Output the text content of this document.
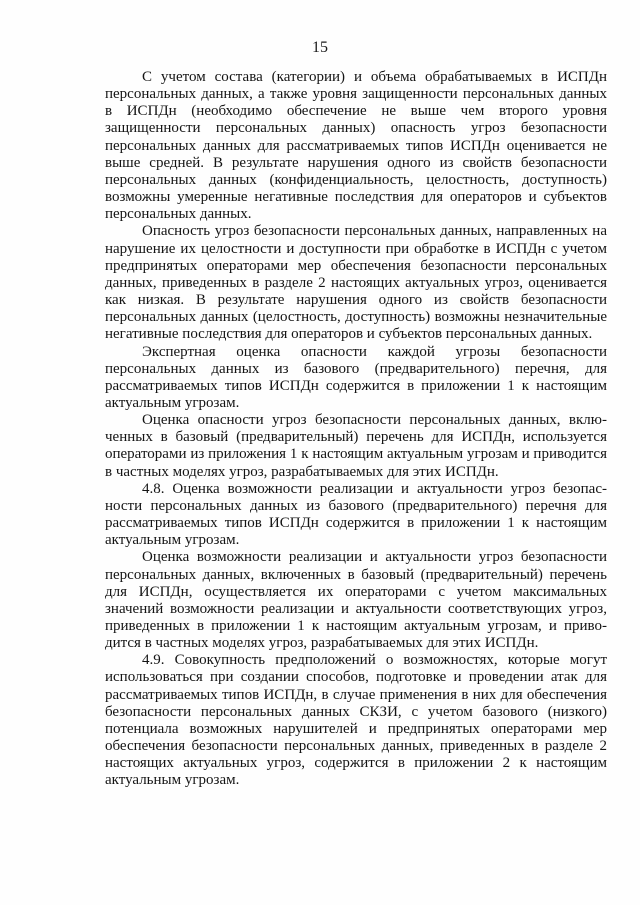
15

С учетом состава (категории) и объема обрабатываемых в ИСПДн персональных данных, а также уровня защищенности персональных данных в ИСПДн (необходимо обеспечение не выше чем второго уровня защищенности персональных данных) опасность угроз безопасности персональных данных для рассматриваемых типов ИСПДн оценивается не выше средней. В результате нарушения одного из свойств безопасности персональных данных (конфиденциальность, целостность, доступность) возможны умеренные негативные последствия для операторов и субъектов персональных данных.

Опасность угроз безопасности персональных данных, направленных на нарушение их целостности и доступности при обработке в ИСПДн с учетом предпринятых операторами мер обеспечения безопасности персональных данных, приведенных в разделе 2 настоящих актуальных угроз, оценивается как низкая. В результате нарушения одного из свойств безопасности персональных данных (целостность, доступность) возможны незначительные негативные последствия для операторов и субъектов персональных данных.

Экспертная оценка опасности каждой угрозы безопасности персональных данных из базового (предварительного) перечня, для рассматриваемых типов ИСПДн содержится в приложении 1 к настоящим актуальным угрозам.

Оценка опасности угроз безопасности персональных данных, включенных в базовый (предварительный) перечень для ИСПДн, используется операторами из приложения 1 к настоящим актуальным угрозам и приводится в частных моделях угроз, разрабатываемых для этих ИСПДн.

4.8. Оценка возможности реализации и актуальности угроз безопасности персональных данных из базового (предварительного) перечня для рассматриваемых типов ИСПДн содержится в приложении 1 к настоящим актуальным угрозам.

Оценка возможности реализации и актуальности угроз безопасности персональных данных, включенных в базовый (предварительный) перечень для ИСПДн, осуществляется их операторами с учетом максимальных значений возможности реализации и актуальности соответствующих угроз, приведенных в приложении 1 к настоящим актуальным угрозам, и приводится в частных моделях угроз, разрабатываемых для этих ИСПДн.

4.9. Совокупность предположений о возможностях, которые могут использоваться при создании способов, подготовке и проведении атак для рассматриваемых типов ИСПДн, в случае применения в них для обеспечения безопасности персональных данных СКЗИ, с учетом базового (низкого) потенциала возможных нарушителей и предпринятых операторами мер обеспечения безопасности персональных данных, приведенных в разделе 2 настоящих актуальных угроз, содержится в приложении 2 к настоящим актуальным угрозам.
